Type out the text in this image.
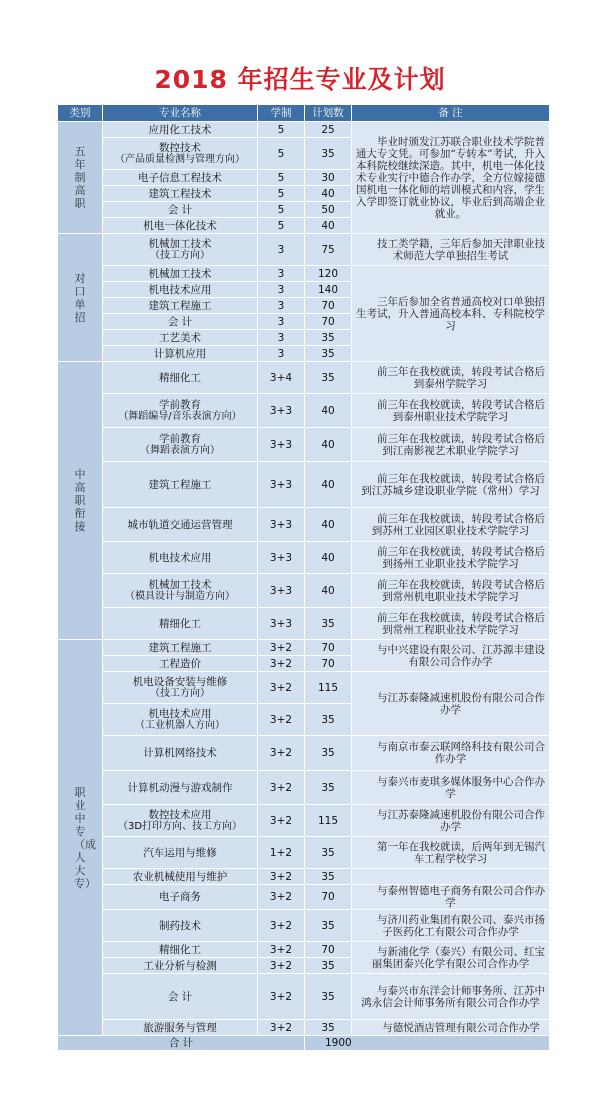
2018 年招生专业及计划
类别	专业名称	学制	计划数	备 注
五年制高职	应用化工技术	5	25	毕业时颁发江苏联合职业技术学院普通大专文凭。可参加“专转本”考试，升入本科院校继续深造。其中，机电一体化技术专业实行中德合作办学，全方位嫁接德国机电一体化师的培训模式和内容，学生入学即签订就业协议，毕业后到高端企业就业。
	数控技术
（产品质量检测与管理方向）	5	35	
	电子信息工程技术	5	30	
	建筑工程技术	5	40	
	会 计	5	50	
	机电一体化技术	5	40	
对口单招	机械加工技术
（技工方向）	3	75	技工类学籍，三年后参加天津职业技术师范大学单独招生考试
	机械加工技术	3	120	三年后参加全省普通高校对口单独招生考试，升入普通高校本科、专科院校学习
	机电技术应用	3	140	
	建筑工程施工	3	70	
	会 计	3	70	
	工艺美术	3	35	
	计算机应用	3	35	
中高职衔接	精细化工	3+4	35	前三年在我校就读，转段考试合格后到泰州学院学习
	学前教育
（舞蹈编导/音乐表演方向）	3+3	40	前三年在我校就读，转段考试合格后到泰州职业技术学院学习
	学前教育
（舞蹈表演方向）	3+3	40	前三年在我校就读，转段考试合格后到江南影视艺术职业学院学习
	建筑工程施工	3+3	40	前三年在我校就读，转段考试合格后到江苏城乡建设职业学院（常州）学习
	城市轨道交通运营管理	3+3	40	前三年在我校就读，转段考试合格后到苏州工业园区职业技术学院学习
	机电技术应用	3+3	40	前三年在我校就读，转段考试合格后到扬州工业职业技术学院学习
	机械加工技术
（模具设计与制造方向）	3+3	40	前三年在我校就读，转段考试合格后到常州机电职业技术学院学习
	精细化工	3+3	35	前三年在我校就读，转段考试合格后到常州工程职业技术学院学习
职业中专（成人大专）	建筑工程施工	3+2	70	与中兴建设有限公司、江苏源丰建设有限公司合作办学
	工程造价	3+2	70	
	机电设备安装与维修
（技工方向）	3+2	115	与江苏泰隆减速机股份有限公司合作办学
	机电技术应用
（工业机器人方向）	3+2	35	
	计算机网络技术	3+2	35	与南京市泰云联网络科技有限公司合作办学
	计算机动漫与游戏制作	3+2	35	与泰兴市麦琪多媒体服务中心合作办学
	数控技术应用
（3D打印方向、技工方向）	3+2	115	与江苏泰隆减速机股份有限公司合作办学
	汽车运用与维修	1+2	35	第一年在我校就读，后两年到无锡汽车工程学校学习
	农业机械使用与维护	3+2	35	
	电子商务	3+2	70	与泰州智德电子商务有限公司合作办学
	制药技术	3+2	35	与济川药业集团有限公司、泰兴市扬子医药化工有限公司合作办学
	精细化工	3+2	70	与新浦化学（泰兴）有限公司、红宝丽集团泰兴化学有限公司合作办学
	工业分析与检测	3+2	35	
	会 计	3+2	35	与泰兴市东洋会计师事务所、江苏中鸿永信会计师事务所有限公司合作办学
	旅游服务与管理	3+2	35	与德悦酒店管理有限公司合作办学
合 计			1900	
